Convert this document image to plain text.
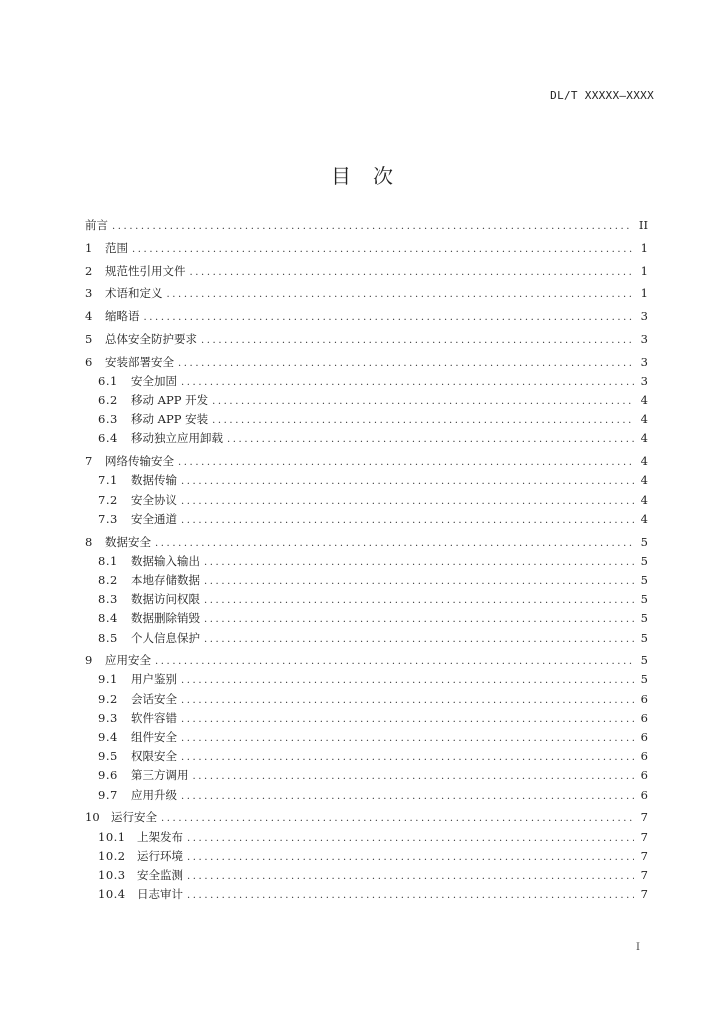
DL/T XXXXX—XXXX
目次
前言 .....	II
1	范围 .....	1
2	规范性引用文件 .....	1
3	术语和定义 .....	1
4	缩略语 .....	3
5	总体安全防护要求 .....	3
6	安装部署安全 .....	3
6.1	安全加固 .....	3
6.2	移动 APP 开发 .....	4
6.3	移动 APP 安装 .....	4
6.4	移动独立应用卸载 .....	4
7	网络传输安全 .....	4
7.1	数据传输 .....	4
7.2	安全协议 .....	4
7.3	安全通道 .....	4
8	数据安全 .....	5
8.1	数据输入输出 .....	5
8.2	本地存储数据 .....	5
8.3	数据访问权限 .....	5
8.4	数据删除销毁 .....	5
8.5	个人信息保护 .....	5
9	应用安全 .....	5
9.1	用户鉴别 .....	5
9.2	会话安全 .....	6
9.3	软件容错 .....	6
9.4	组件安全 .....	6
9.5	权限安全 .....	6
9.6	第三方调用 .....	6
9.7	应用升级 .....	6
10 运行安全 .....	7
10.1 上架发布 .....	7
10.2 运行环境 .....	7
10.3 安全监测 .....	7
10.4 日志审计 .....	7
I
